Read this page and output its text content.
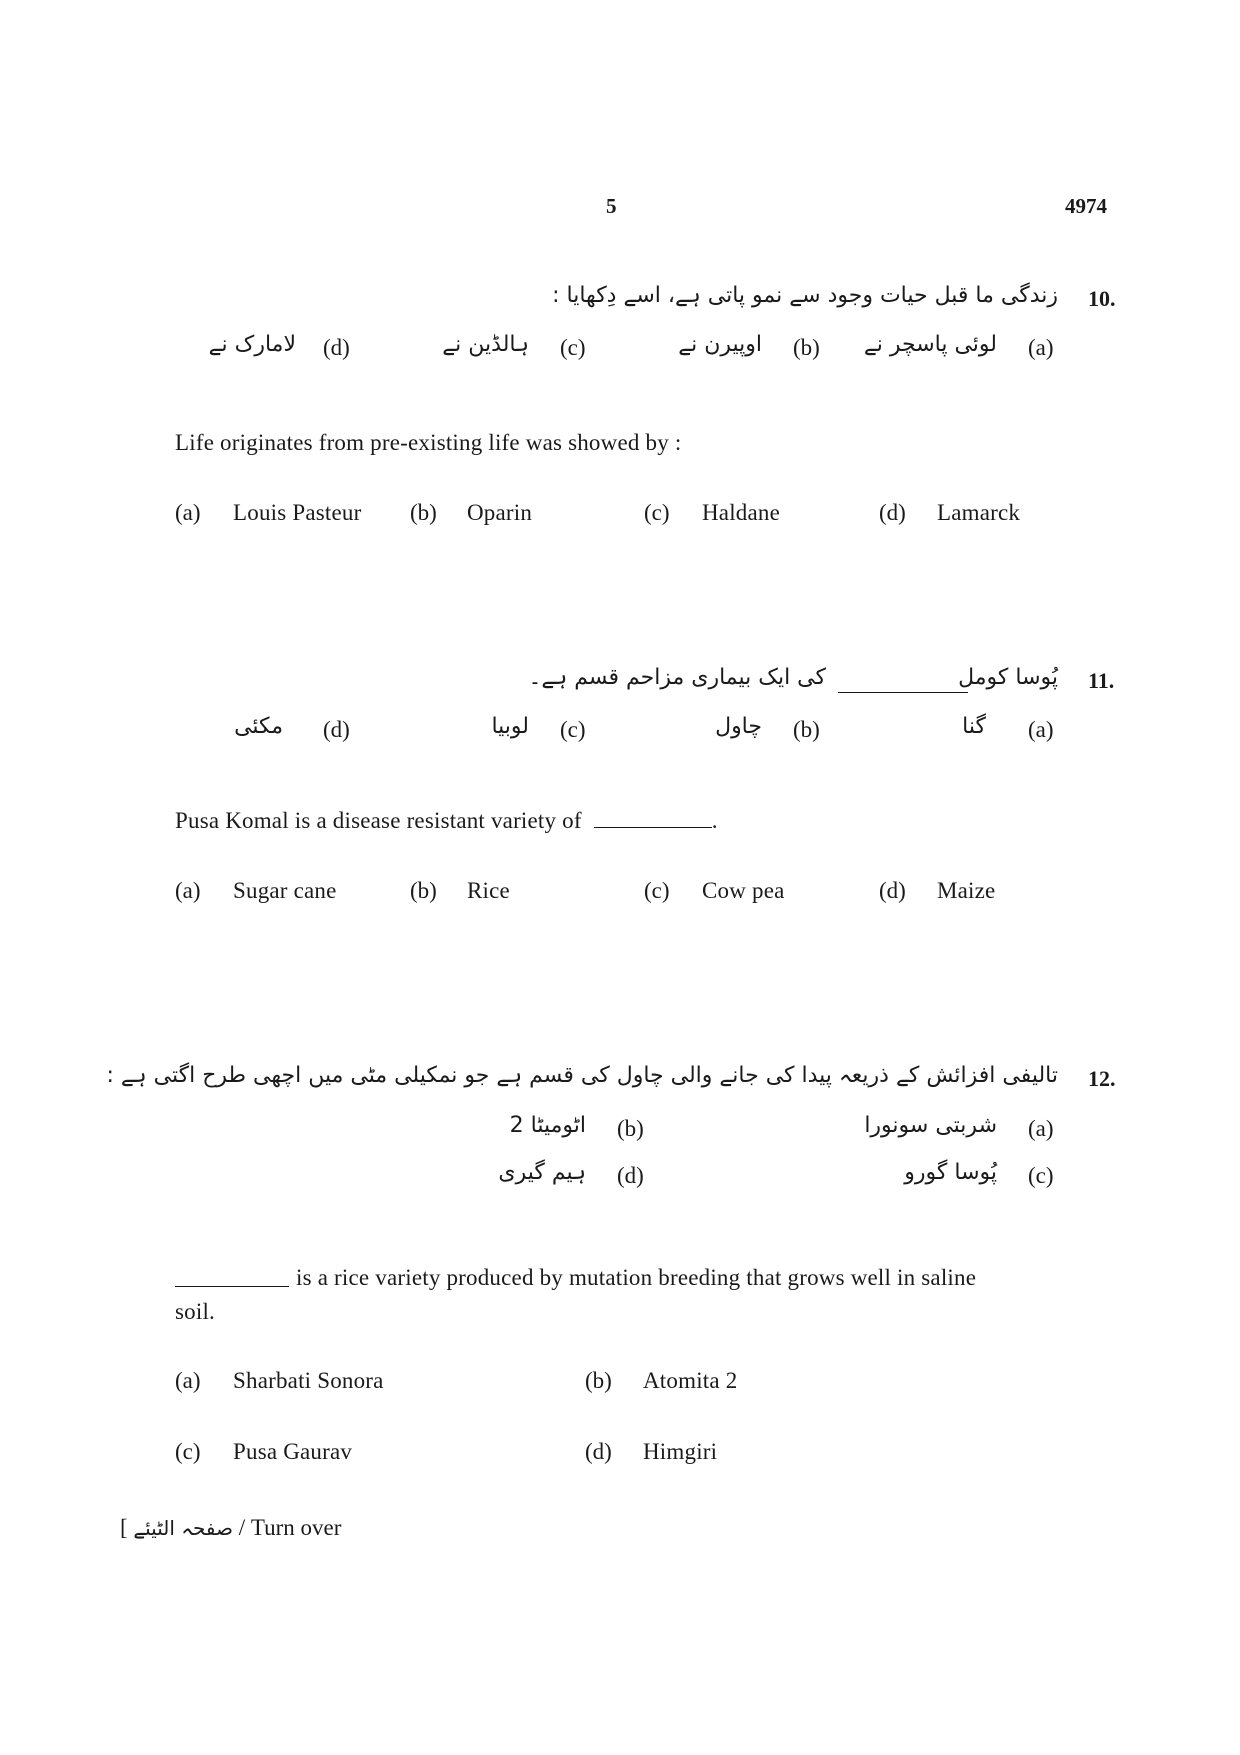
5	4974
10.
زندگی ما قبل حیات وجود سے نمو پاتی ہے، اسے دِکھایا :
(a)
لوئی پاسچر نے
(b)
اوپیرن نے
(c)
ہالڈین نے
(d)
لامارک نے
Life originates from pre-existing life was showed by :
(a) Louis Pasteur (b) Oparin	(c) Haldane	(d) Lamarck
11.
پُوسا کومل
کی ایک بیماری مزاحم قسم ہے۔
(a)
گنا
(b)
چاول
(c)
لوبیا
(d)
مکئی
Pusa Komal is a disease resistant variety of	.
(a) Sugar cane	(b) Rice	(c) Cow pea	(d) Maize
12.
تالیفی افزائش کے ذریعہ پیدا کی جانے والی چاول کی قسم ہے جو نمکیلی مٹی میں اچھی طرح اگتی ہے :
(a)
شربتی سونورا
(b)
اٹومیٹا 2
(c)
پُوسا گورو
(d)
ہیم گیری
is a rice variety produced by mutation breeding that grows well in saline
soil.
(a) Sharbati Sonora	(b) Atomita 2
(c) Pusa Gaurav	(d) Himgiri
[ صفحہ الٹیئے / Turn over
